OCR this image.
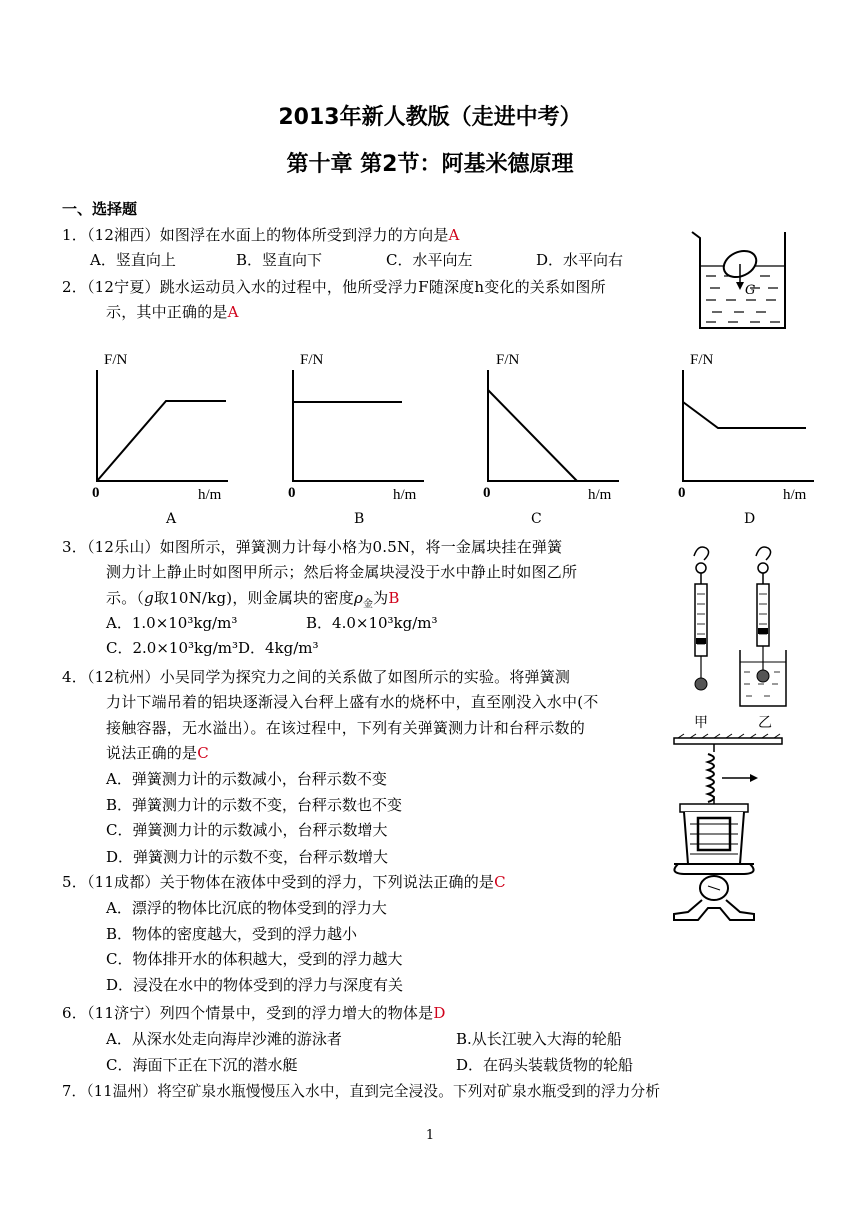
2013年新人教版（走进中考）
第十章 第2节：阿基米德原理
一、选择题
1．（12湘西）如图浮在水面上的物体所受到浮力的方向是A
A．竖直向上	B．竖直向下	C．水平向左	D．水平向右
G
2．（12宁夏）跳水运动员入水的过程中，他所受浮力F随深度h变化的关系如图所
示，其中正确的是A
F/N
0	h/m
A
F/N
0	h/m
B
F/N
0	h/m
C
F/N
0	h/m
D
3．（12乐山）如图所示，弹簧测力计每小格为0.5N，将一金属块挂在弹簧
测力计上静止时如图甲所示；然后将金属块浸没于水中静止时如图乙所
示。（g取10N/kg)，则金属块的密度$\rho_金$为B
A．1.0×10³kg/m³	B．4.0×10³kg/m³
C．2.0×10³kg/m³D．4kg/m³
甲	乙
4．（12杭州）小吴同学为探究力之间的关系做了如图所示的实验。将弹簧测
力计下端吊着的铝块逐渐浸入台秤上盛有水的烧杯中，直至刚没入水中(不
接触容器，无水溢出）。在该过程中，下列有关弹簧测力计和台秤示数的
说法正确的是C
A．弹簧测力计的示数减小，台秤示数不变
B．弹簧测力计的示数不变，台秤示数也不变
C．弹簧测力计的示数减小，台秤示数增大
D．弹簧测力计的示数不变，台秤示数增大
5．（11成都）关于物体在液体中受到的浮力，下列说法正确的是C
A．漂浮的物体比沉底的物体受到的浮力大
B．物体的密度越大，受到的浮力越小
C．物体排开水的体积越大，受到的浮力越大
D．浸没在水中的物体受到的浮力与深度有关
6．（11济宁）列四个情景中，受到的浮力增大的物体是D
A．从深水处走向海岸沙滩的游泳者	B.从长江驶入大海的轮船
C．海面下正在下沉的潜水艇	D．在码头装载货物的轮船
7．（11温州）将空矿泉水瓶慢慢压入水中，直到完全浸没。下列对矿泉水瓶受到的浮力分析
1
